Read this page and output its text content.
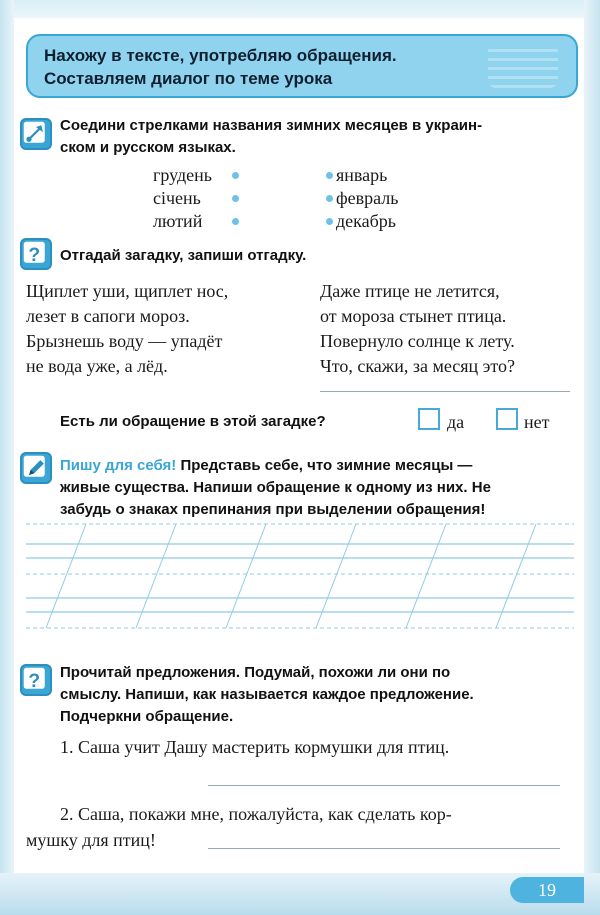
Нахожу в тексте, употребляю обращения.
Составляем диалог по теме урока
Соедини стрелками названия зимних месяцев в украин-
ском и русском языках.
грудень
січень
лютий
январь
февраль
декабрь
? Отгадай загадку, запиши отгадку.
Щиплет уши, щиплет нос,
лезет в сапоги мороз.
Брызнешь воду — упадёт
не вода уже, а лёд.
Даже птице не летится,
от мороза стынет птица.
Повернуло солнце к лету.
Что, скажи, за месяц это?
Есть ли обращение в этой загадке?	да	нет
Пишу для себя! Представь себе, что зимние месяцы —
живые существа. Напиши обращение к одному из них. Не
забудь о знаках препинания при выделении обращения!
? Прочитай предложения. Подумай, похожи ли они по
смыслу. Напиши, как называется каждое предложение.
Подчеркни обращение.
1. Саша учит Дашу мастерить кормушки для птиц.
2. Саша, покажи мне, пожалуйста, как сделать кор-
мушку для птиц!
19
